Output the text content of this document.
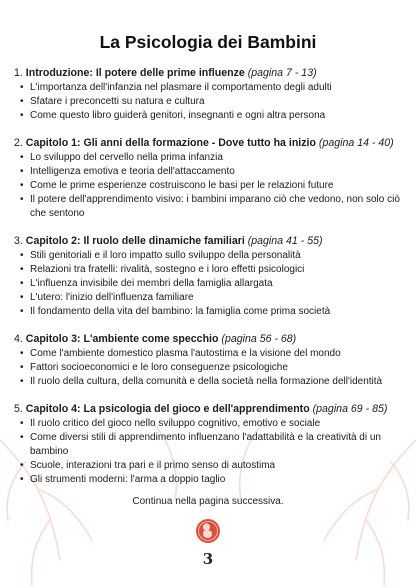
La Psicologia dei Bambini

1. Introduzione: Il potere delle prime influenze (pagina 7 - 13)

• L'importanza dell'infanzia nel plasmare il comportamento degli adulti
• Sfatare i preconcetti su natura e cultura
• Come questo libro guiderà genitori, insegnanti e ogni altra persona

2. Capitolo 1: Gli anni della formazione - Dove tutto ha inizio (pagina 14 - 40)

• Lo sviluppo del cervello nella prima infanzia
• Intelligenza emotiva e teoria dell'attaccamento
• Come le prime esperienze costruiscono le basi per le relazioni future
• Il potere dell'apprendimento visivo: i bambini imparano ciò che vedono, non solo ciò che sentono

3. Capitolo 2: Il ruolo delle dinamiche familiari (pagina 41 - 55)

• Stili genitoriali e il loro impatto sullo sviluppo della personalità
• Relazioni tra fratelli: rivalità, sostegno e i loro effetti psicologici
• L'influenza invisibile dei membri della famiglia allargata
• L'utero: l'inizio dell'influenza familiare
• Il fondamento della vita del bambino: la famiglia come prima società

4. Capitolo 3: L'ambiente come specchio (pagina 56 - 68)

• Come l'ambiente domestico plasma l'autostima e la visione del mondo
• Fattori socioeconomici e le loro conseguenze psicologiche
• Il ruolo della cultura, della comunità e della società nella formazione dell'identità

5. Capitolo 4: La psicologia del gioco e dell'apprendimento (pagina 69 - 85)

• Il ruolo critico del gioco nello sviluppo cognitivo, emotivo e sociale
• Come diversi stili di apprendimento influenzano l'adattabilità e la creatività di un bambino
• Scuole, interazioni tra pari e il primo senso di autostima
• Gli strumenti moderni: l'arma a doppio taglio
Continua nella pagina successiva.
3
